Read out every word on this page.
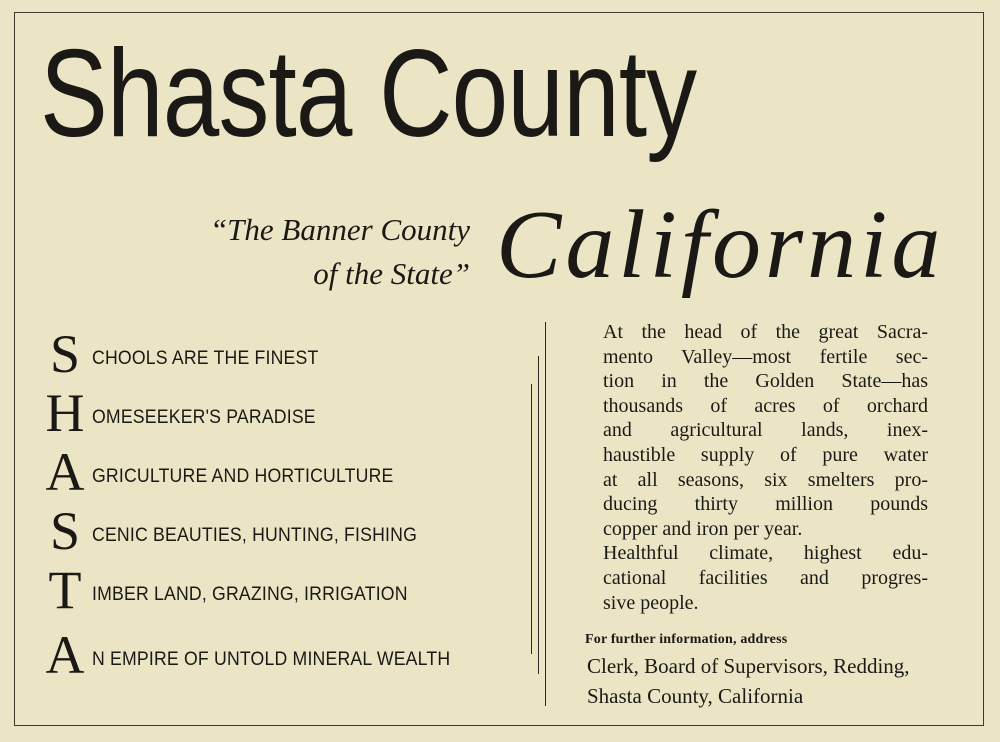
Shasta County
“The Banner County
of the State” California
S CHOOLS ARE THE FINEST
H OMESEEKER'S PARADISE
A GRICULTURE AND HORTICULTURE
S CENIC BEAUTIES, HUNTING, FISHING
T IMBER LAND, GRAZING, IRRIGATION
A N EMPIRE OF UNTOLD MINERAL WEALTH
At the head of the great Sacra-
mento Valley—most fertile sec-
tion in the Golden State—has
thousands of acres of orchard
and agricultural lands, inex-
haustible supply of pure water
at all seasons, six smelters pro-
ducing thirty million pounds
copper and iron per year.
Healthful climate, highest edu-
cational facilities and progres-
sive people.
For further information, address
Clerk, Board of Supervisors, Redding,
Shasta County, California
